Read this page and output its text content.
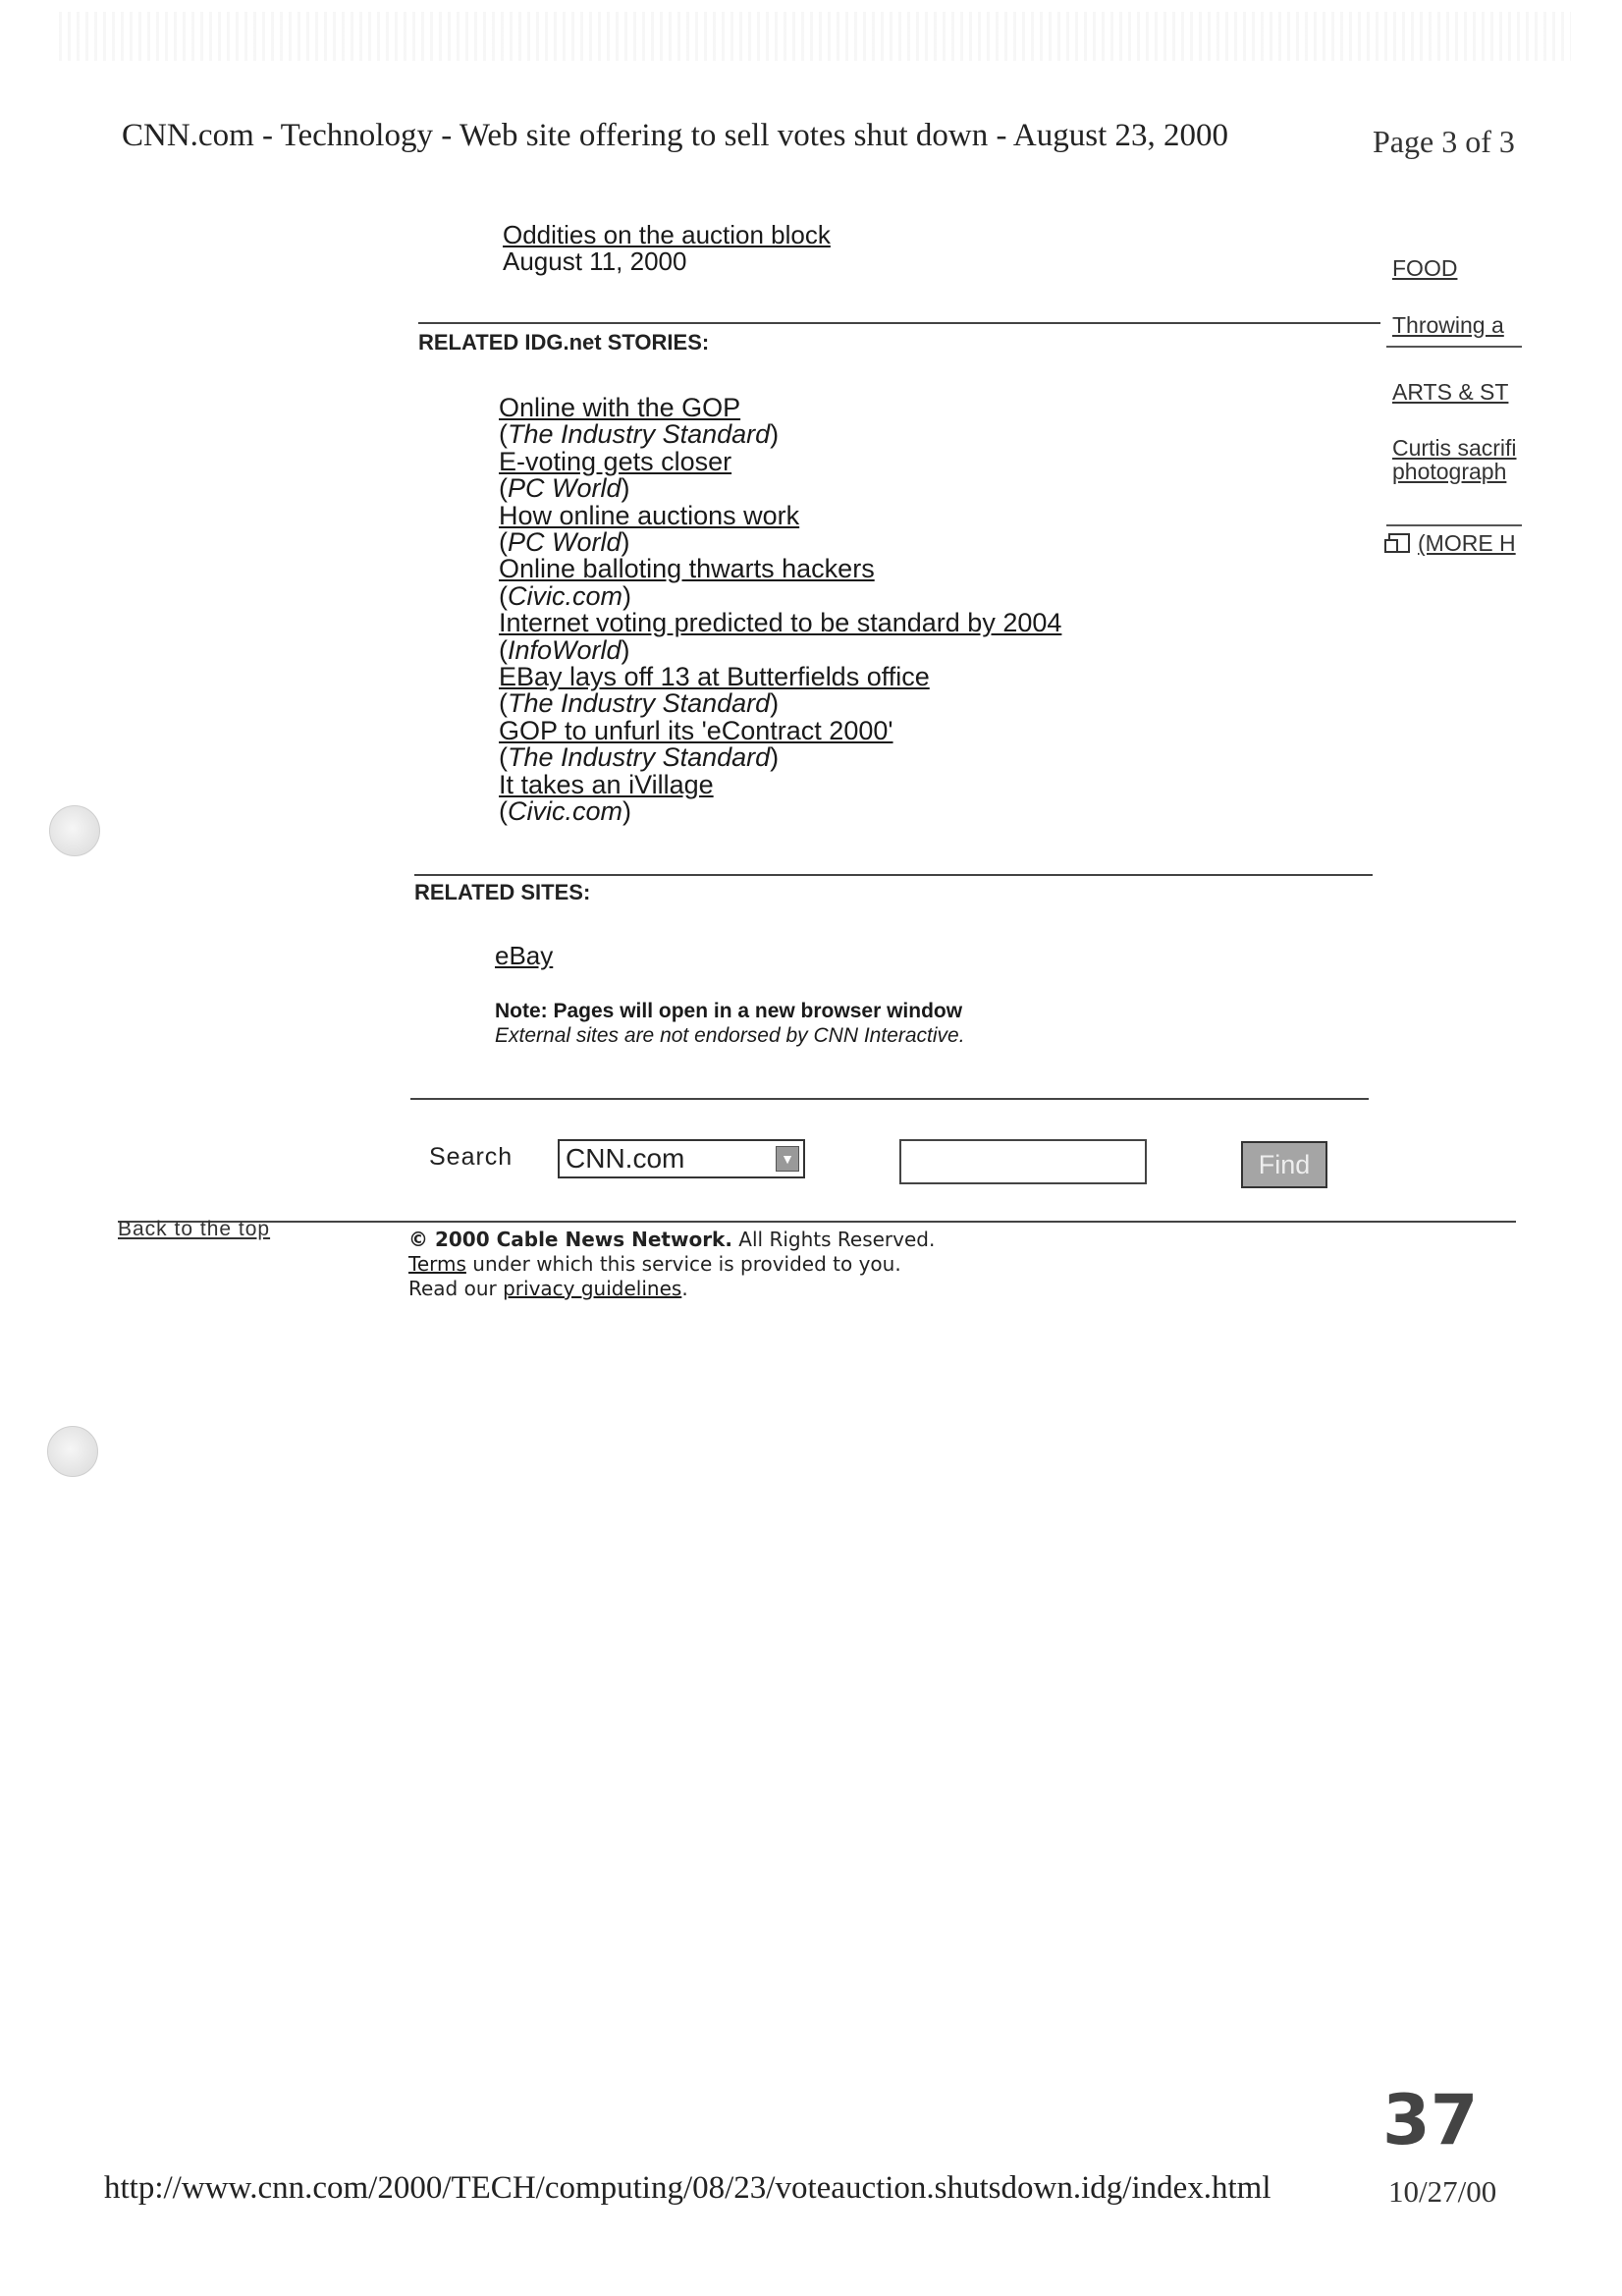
CNN.com - Technology - Web site offering to sell votes shut down - August 23, 2000	Page 3 of 3
Oddities on the auction block
August 11, 2000
RELATED IDG.net STORIES:
Online with the GOP
(The Industry Standard)
E-voting gets closer
(PC World)
How online auctions work
(PC World)
Online balloting thwarts hackers
(Civic.com)
Internet voting predicted to be standard by 2004
(InfoWorld)
EBay lays off 13 at Butterfields office
(The Industry Standard)
GOP to unfurl its 'eContract 2000'
(The Industry Standard)
It takes an iVillage
(Civic.com)
RELATED SITES:
eBay
Note: Pages will open in a new browser window
External sites are not endorsed by CNN Interactive.
Search CNN.com	▼	Find
Back to the top	© 2000 Cable News Network. All Rights Reserved.
Terms under which this service is provided to you.
Read our privacy guidelines.
FOOD
Throwing a
ARTS & ST
Curtis sacrifi
photograph
(MORE H
37
http://www.cnn.com/2000/TECH/computing/08/23/voteauction.shutsdown.idg/index.html	10/27/00
